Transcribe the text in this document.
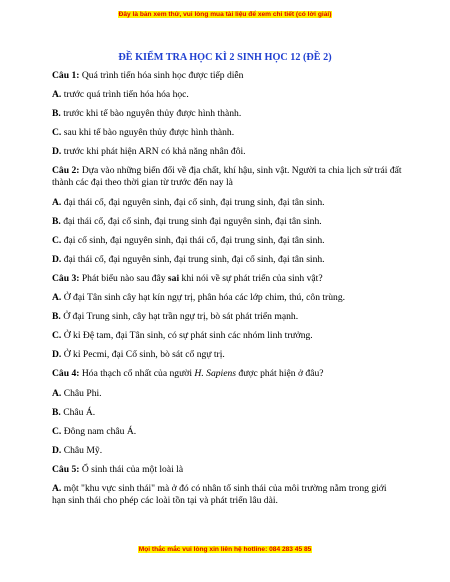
Đây là bản xem thử, vui lòng mua tài liệu để xem chi tiết (có lời giải)
ĐỀ KIỂM TRA HỌC KÌ 2 SINH HỌC 12 (ĐỀ 2)

Câu 1: Quá trình tiến hóa sinh học được tiếp diễn

A. trước quá trình tiến hóa hóa học.

B. trước khi tế bào nguyên thủy được hình thành.

C. sau khi tế bào nguyên thủy được hình thành.

D. trước khi phát hiện ARN có khả năng nhân đôi.

Câu 2: Dựa vào những biến đổi về địa chất, khí hậu, sinh vật. Người ta chia lịch sử trái đất thành các đại theo thời gian từ trước đến nay là

A. đại thái cổ, đại nguyên sinh, đại cổ sinh, đại trung sinh, đại tân sinh.

B. đại thái cổ, đại cổ sinh, đại trung sinh đại nguyên sinh, đại tân sinh.

C. đại cổ sinh, đại nguyên sinh, đại thái cổ, đại trung sinh, đại tân sinh.

D. đại thái cổ, đại nguyên sinh, đại trung sinh, đại cổ sinh, đại tân sinh.

Câu 3: Phát biểu nào sau đây sai khi nói về sự phát triển của sinh vật?

A. Ở đại Tân sinh cây hạt kín ngự trị, phân hóa các lớp chim, thú, côn trùng.

B. Ở đại Trung sinh, cây hạt trần ngự trị, bò sát phát triển mạnh.

C. Ở kỉ Đệ tam, đại Tân sinh, có sự phát sinh các nhóm linh trưởng.

D. Ở kỉ Pecmi, đại Cổ sinh, bò sát cổ ngự trị.

Câu 4: Hóa thạch cổ nhất của người H. Sapiens được phát hiện ở đâu?

A. Châu Phi.

B. Châu Á.

C. Đông nam châu Á.

D. Châu Mỹ.

Câu 5: Ổ sinh thái của một loài là

A. một "khu vực sinh thái" mà ở đó có nhân tố sinh thái của môi trường nằm trong giới hạn sinh thái cho phép các loài tồn tại và phát triển lâu dài.

Mọi thắc mắc vui lòng xin liên hệ hotline: 084 283 45 85
